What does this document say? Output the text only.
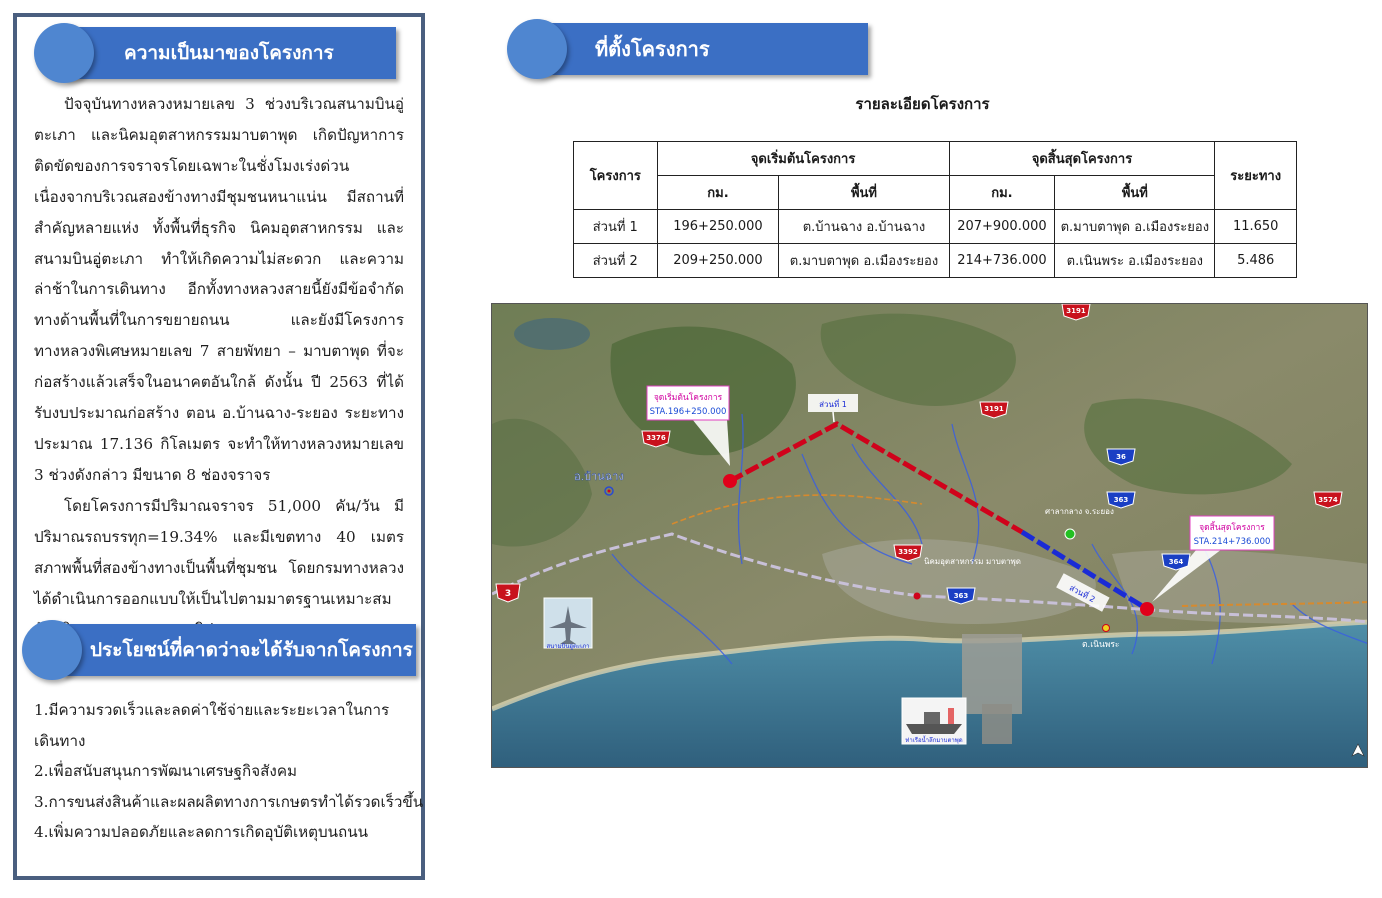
ความเป็นมาของโครงการ

ปัจจุบันทางหลวงหมายเลข 3 ช่วงบริเวณสนามบินอู่ตะเภา และนิคมอุตสาหกรรมมาบตาพุด เกิดปัญหาการติดขัดของการจราจรโดยเฉพาะในชั่งโมงเร่งด่วน เนื่องจากบริเวณสองข้างทางมีชุมชนหนาแน่น มีสถานที่สำคัญหลายแห่ง ทั้งพื้นที่ธุรกิจ นิคมอุตสาหกรรม และสนามบินอู่ตะเภา ทำให้เกิดความไม่สะดวก และความล่าช้าในการเดินทาง อีกทั้งทางหลวงสายนี้ยังมีข้อจำกัดทางด้านพื้นที่ในการขยายถนน และยังมีโครงการทางหลวงพิเศษหมายเลข 7 สายพัทยา – มาบตาพุด ที่จะก่อสร้างแล้วเสร็จในอนาคตอันใกล้ ดังนั้น ปี 2563 ที่ได้รับงบประมาณก่อสร้าง ตอน อ.บ้านฉาง-ระยอง ระยะทางประมาณ 17.136 กิโลเมตร จะทำให้ทางหลวงหมายเลข 3 ช่วงดังกล่าว มีขนาด 8 ช่องจราจร

โดยโครงการมีปริมาณจราจร 51,000 คัน/วัน มีปริมาณรถบรรทุก=19.34% และมีเขตทาง 40 เมตร สภาพพื้นที่สองข้างทางเป็นพื้นที่ชุมชน โดยกรมทางหลวงได้ดำเนินการออกแบบให้เป็นไปตามมาตรฐานเหมาะสม

ประโยชน์ที่คาดว่าจะได้รับจากโครงการ
1.มีความรวดเร็วและลดค่าใช้จ่ายและระยะเวลาในการเดินทาง
2.เพื่อสนับสนุนการพัฒนาเศรษฐกิจสังคม
3.การขนส่งสินค้าและผลผลิตทางการเกษตรทำได้รวดเร็วขึ้น
4.เพิ่มความปลอดภัยและลดการเกิดอุบัติเหตุบนถนน
ที่ตั้งโครงการ
รายละเอียดโครงการ
โครงการ	จุดเริ่มต้นโครงการ		จุดสิ้นสุดโครงการ		ระยะทาง
	กม.	พื้นที่	กม.	พื้นที่	
ส่วนที่ 1	196+250.000	ต.บ้านฉาง อ.บ้านฉาง	207+900.000	ต.มาบตาพุด อ.เมืองระยอง	11.650
ส่วนที่ 2	209+250.000	ต.มาบตาพุด อ.เมืองระยอง	214+736.000	ต.เนินพระ อ.เมืองระยอง	5.486
จุดเริ่มต้นโครงการ
STA.196+250.000
จุดสิ้นสุดโครงการ
STA.214+736.000
ส่วนที่ 1
ส่วนที่ 2
อ.บ้านฉาง
ศาลากลาง จ.ระยอง
นิคมอุตสาหกรรม มาบตาพุด
ต.เนินพระ
สนามบินอู่ตะเภา
ท่าเรือน้ำลึกมาบตาพุด
3191
3191
36
363
3376
3392
363
364
3574
3
